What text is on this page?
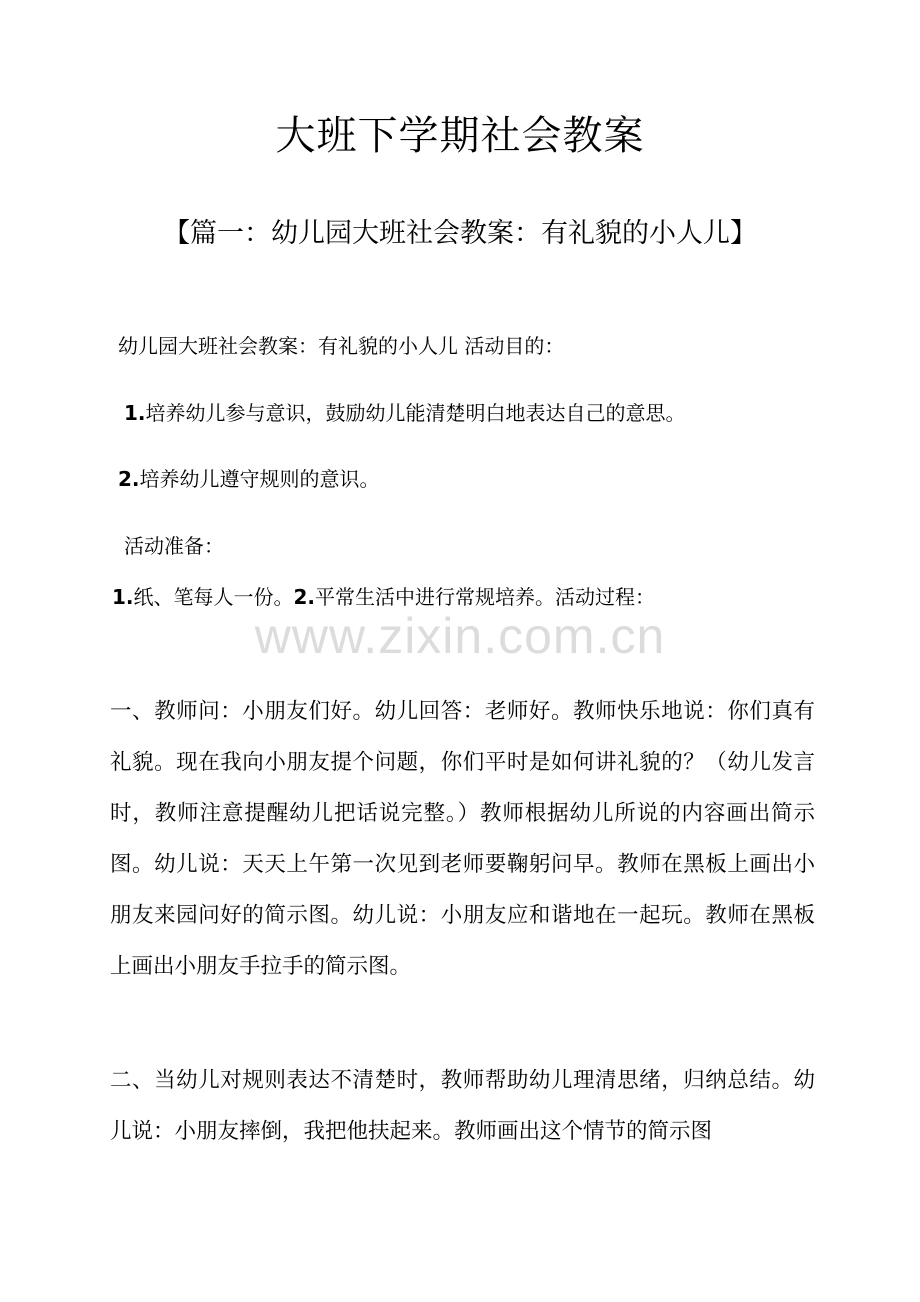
大班下学期社会教案
【篇一：幼儿园大班社会教案：有礼貌的小人儿】
幼儿园大班社会教案：有礼貌的小人儿 活动目的：
1.培养幼儿参与意识，鼓励幼儿能清楚明白地表达自己的意思。
2.培养幼儿遵守规则的意识。
活动准备：
1.纸、笔每人一份。2.平常生活中进行常规培养。活动过程：
www.zixin.com.cn
一、教师问：小朋友们好。幼儿回答：老师好。教师快乐地说：你们真有礼貌。现在我向小朋友提个问题，你们平时是如何讲礼貌的？（幼儿发言时，教师注意提醒幼儿把话说完整。）教师根据幼儿所说的内容画出简示图。幼儿说：天天上午第一次见到老师要鞠躬问早。教师在黑板上画出小朋友来园问好的简示图。幼儿说：小朋友应和谐地在一起玩。教师在黑板上画出小朋友手拉手的简示图。
二、当幼儿对规则表达不清楚时，教师帮助幼儿理清思绪，归纳总结。幼儿说：小朋友摔倒，我把他扶起来。教师画出这个情节的简示图
